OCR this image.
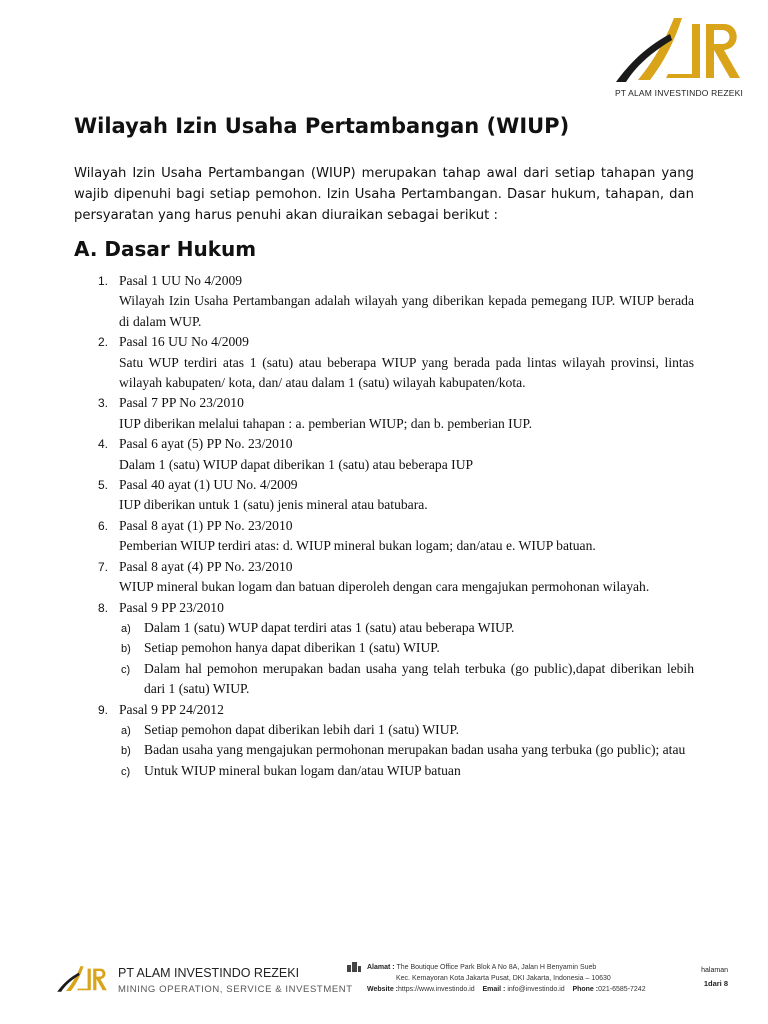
PT ALAM INVESTINDO REZEKI
Wilayah Izin Usaha Pertambangan (WIUP)

Wilayah Izin Usaha Pertambangan (WIUP) merupakan tahap awal dari setiap tahapan yang wajib dipenuhi bagi setiap pemohon. Izin Usaha Pertambangan. Dasar hukum, tahapan, dan persyaratan yang harus penuhi akan diuraikan sebagai berikut :

A. Dasar Hukum
1. Pasal 1 UU No 4/2009
Wilayah Izin Usaha Pertambangan adalah wilayah yang diberikan kepada pemegang IUP. WIUP berada di dalam WUP.
2. Pasal 16 UU No 4/2009
Satu WUP terdiri atas 1 (satu) atau beberapa WIUP yang berada pada lintas wilayah provinsi, lintas wilayah kabupaten/ kota, dan/ atau dalam 1 (satu) wilayah kabupaten/kota.
3. Pasal 7 PP No 23/2010
IUP diberikan melalui tahapan : a. pemberian WIUP; dan b. pemberian IUP.
4. Pasal 6 ayat (5) PP No. 23/2010
Dalam 1 (satu) WIUP dapat diberikan 1 (satu) atau beberapa IUP
5. Pasal 40 ayat (1) UU No. 4/2009
IUP diberikan untuk 1 (satu) jenis mineral atau batubara.
6. Pasal 8 ayat (1) PP No. 23/2010
Pemberian WIUP terdiri atas: d. WIUP mineral bukan logam; dan/atau e. WIUP batuan.
7. Pasal 8 ayat (4) PP No. 23/2010
WIUP mineral bukan logam dan batuan diperoleh dengan cara mengajukan permohonan wilayah.
8. Pasal 9 PP 23/2010
a) Dalam 1 (satu) WUP dapat terdiri atas 1 (satu) atau beberapa WIUP.
b) Setiap pemohon hanya dapat diberikan 1 (satu) WIUP.
c) Dalam hal pemohon merupakan badan usaha yang telah terbuka (go public),dapat diberikan lebih dari 1 (satu) WIUP.
9. Pasal 9 PP 24/2012
a) Setiap pemohon dapat diberikan lebih dari 1 (satu) WIUP.
b) Badan usaha yang mengajukan permohonan merupakan badan usaha yang terbuka (go public); atau
c) Untuk WIUP mineral bukan logam dan/atau WIUP batuan
PT ALAM INVESTINDO REZEKI
MINING OPERATION, SERVICE & INVESTMENT
Alamat : The Boutique Office Park Blok A No 8A, Jalan H Benyamin Sueb
Kec. Kemayoran Kota Jakarta Pusat, DKI Jakarta, Indonesia – 10630
Website :https://www.investindo.id Email : info@investindo.id Phone :021-6585-7242
halaman
1dari 8
